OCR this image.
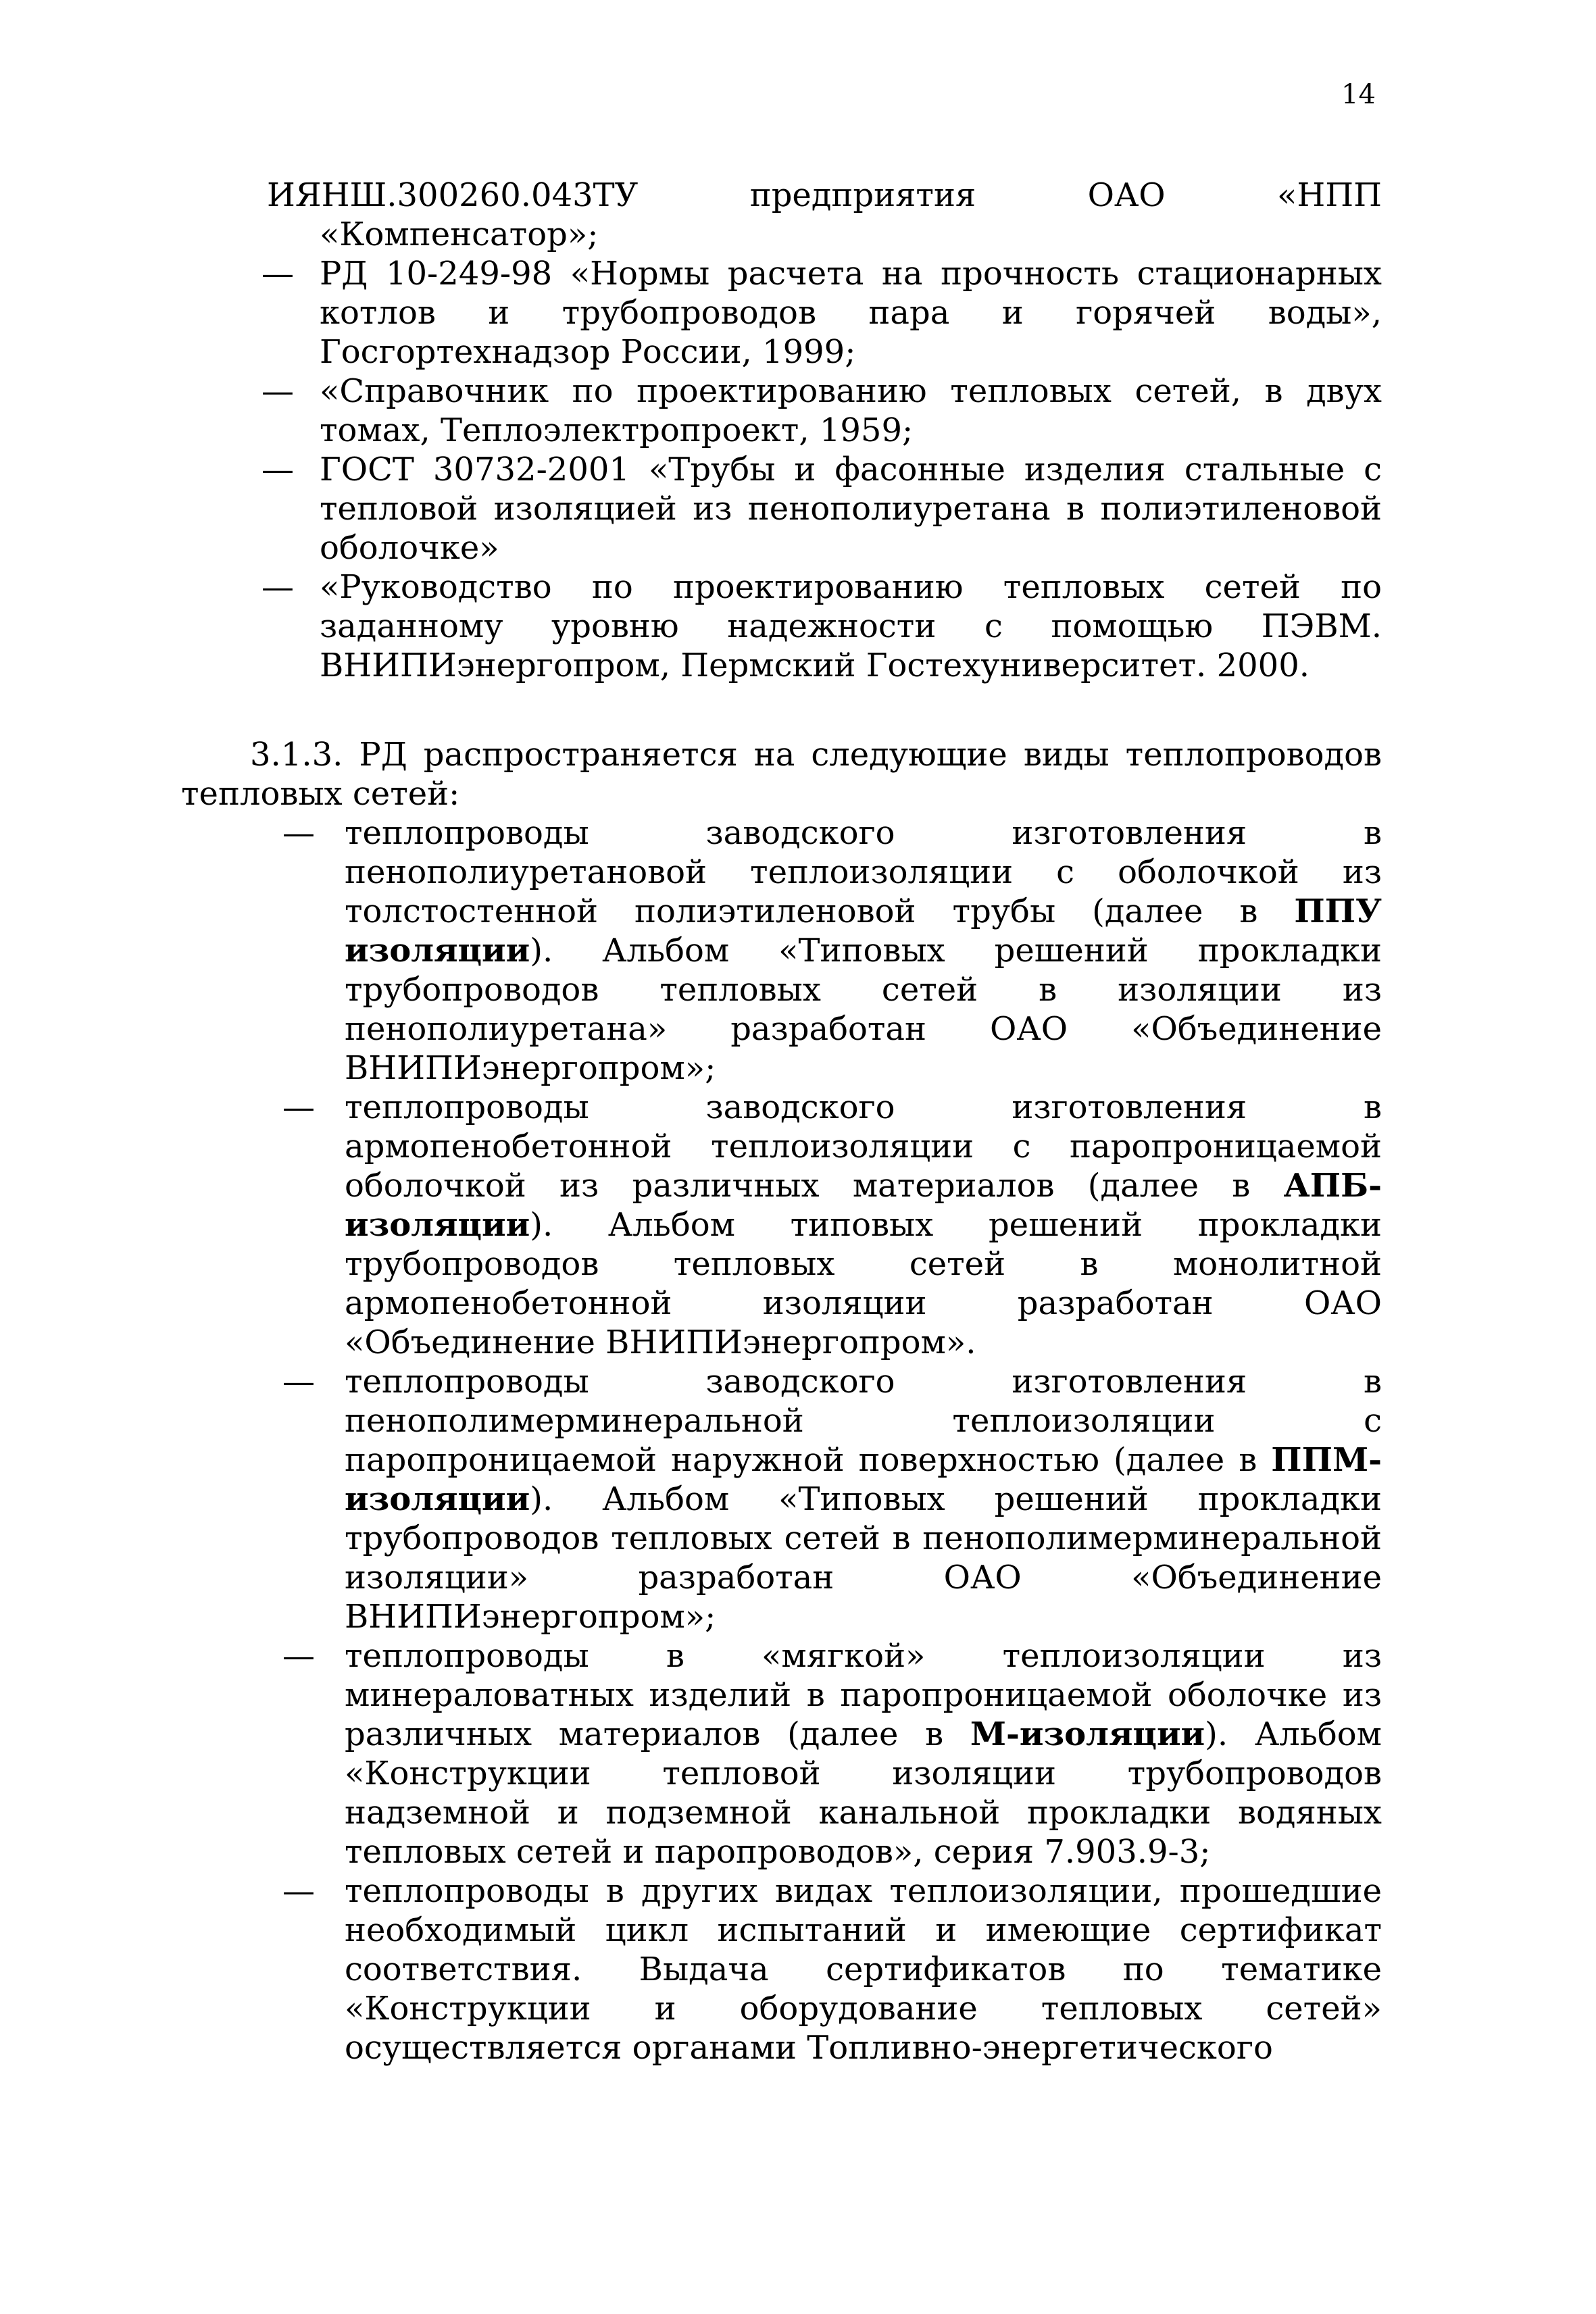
14

ИЯНШ.300260.043ТУ предприятия ОАО «НПП

«Компенсатор»;

— РД 10-249-98 «Нормы расчета на прочность стационарных котлов и трубопроводов пара и горячей воды», Госгортехнадзор России, 1999;

— «Справочник по проектированию тепловых сетей, в двух томах, Теплоэлектропроект, 1959;

— ГОСТ 30732-2001 «Трубы и фасонные изделия стальные с тепловой изоляцией из пенополиуретана в полиэтиленовой оболочке»

— «Руководство по проектированию тепловых сетей по заданному уровню надежности с помощью ПЭВМ. ВНИПИэнергопром, Пермский Гостехуниверситет. 2000.

3.1.3. РД распространяется на следующие виды теплопроводов тепловых сетей:

— теплопроводы заводского изготовления в пенополиуретановой теплоизоляции с оболочкой из толстостенной полиэтиленовой трубы (далее в ППУ изоляции). Альбом «Типовых решений прокладки трубопроводов тепловых сетей в изоляции из пенополиуретана» разработан ОАО «Объединение ВНИПИэнергопром»;

— теплопроводы заводского изготовления в армопенобетонной теплоизоляции с паропроницаемой оболочкой из различных материалов (далее в АПБ-изоляции). Альбом типовых решений прокладки трубопроводов тепловых сетей в монолитной армопенобетонной изоляции разработан ОАО «Объединение ВНИПИэнергопром».

— теплопроводы заводского изготовления в пенополимерминеральной теплоизоляции с паропроницаемой наружной поверхностью (далее в ППМ-изоляции). Альбом «Типовых решений прокладки трубопроводов тепловых сетей в пенополимерминеральной изоляции» разработан ОАО «Объединение ВНИПИэнергопром»;

— теплопроводы в «мягкой» теплоизоляции из минераловатных изделий в паропроницаемой оболочке из различных материалов (далее в М-изоляции). Альбом «Конструкции тепловой изоляции трубопроводов надземной и подземной канальной прокладки водяных тепловых сетей и паропроводов», серия 7.903.9-3;

— теплопроводы в других видах теплоизоляции, прошедшие необходимый цикл испытаний и имеющие сертификат соответствия. Выдача сертификатов по тематике «Конструкции и оборудование тепловых сетей» осуществляется органами Топливно-энергетического
